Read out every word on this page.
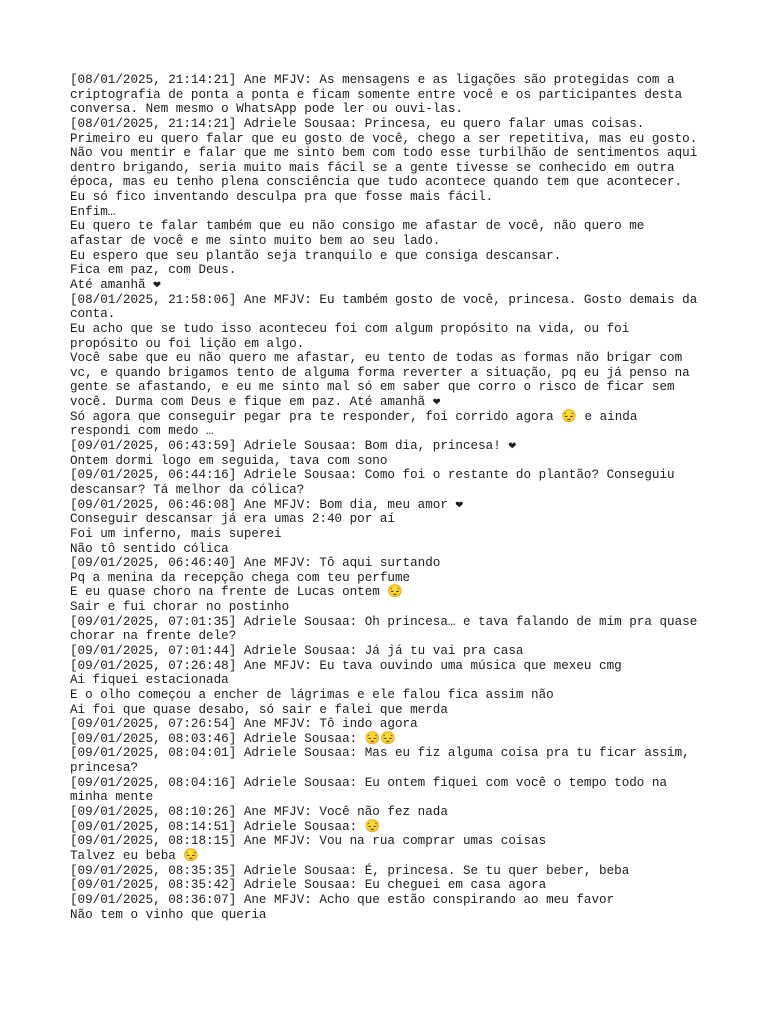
[08/01/2025, 21:14:21] Ane MFJV: As mensagens e as ligações são protegidas com a
criptografia de ponta a ponta e ficam somente entre você e os participantes desta
conversa. Nem mesmo o WhatsApp pode ler ou ouvi-las.
[08/01/2025, 21:14:21] Adriele Sousaa: Princesa, eu quero falar umas coisas.
Primeiro eu quero falar que eu gosto de você, chego a ser repetitiva, mas eu gosto.
Não vou mentir e falar que me sinto bem com todo esse turbilhão de sentimentos aqui
dentro brigando, seria muito mais fácil se a gente tivesse se conhecido em outra
época, mas eu tenho plena consciência que tudo acontece quando tem que acontecer.
Eu só fico inventando desculpa pra que fosse mais fácil.
Enfim…
Eu quero te falar também que eu não consigo me afastar de você, não quero me
afastar de você e me sinto muito bem ao seu lado.
Eu espero que seu plantão seja tranquilo e que consiga descansar.
Fica em paz, com Deus.
Até amanhã ❤
[08/01/2025, 21:58:06] Ane MFJV: Eu também gosto de você, princesa. Gosto demais da
conta.
Eu acho que se tudo isso aconteceu foi com algum propósito na vida, ou foi
propósito ou foi lição em algo.
Você sabe que eu não quero me afastar, eu tento de todas as formas não brigar com
vc, e quando brigamos tento de alguma forma reverter a situação, pq eu já penso na
gente se afastando, e eu me sinto mal só em saber que corro o risco de ficar sem
você. Durma com Deus e fique em paz. Até amanhã ❤
Só agora que conseguir pegar pra te responder, foi corrido agora 😔 e ainda
respondi com medo …
[09/01/2025, 06:43:59] Adriele Sousaa: Bom dia, princesa! ❤
Ontem dormi logo em seguida, tava com sono
[09/01/2025, 06:44:16] Adriele Sousaa: Como foi o restante do plantão? Conseguiu
descansar? Tá melhor da cólica?
[09/01/2025, 06:46:08] Ane MFJV: Bom dia, meu amor ❤
Conseguir descansar já era umas 2:40 por aí
Foi um inferno, mais superei
Não tô sentido cólica
[09/01/2025, 06:46:40] Ane MFJV: Tô aqui surtando
Pq a menina da recepção chega com teu perfume
E eu quase choro na frente de Lucas ontem 😔
Sair e fui chorar no postinho
[09/01/2025, 07:01:35] Adriele Sousaa: Oh princesa… e tava falando de mim pra quase
chorar na frente dele?
[09/01/2025, 07:01:44] Adriele Sousaa: Já já tu vai pra casa
[09/01/2025, 07:26:48] Ane MFJV: Eu tava ouvindo uma música que mexeu cmg
Ai fiquei estacionada
E o olho começou a encher de lágrimas e ele falou fica assim não
Ai foi que quase desabo, só sair e falei que merda
[09/01/2025, 07:26:54] Ane MFJV: Tô indo agora
[09/01/2025, 08:03:46] Adriele Sousaa: 😔😔
[09/01/2025, 08:04:01] Adriele Sousaa: Mas eu fiz alguma coisa pra tu ficar assim,
princesa?
[09/01/2025, 08:04:16] Adriele Sousaa: Eu ontem fiquei com você o tempo todo na
minha mente
[09/01/2025, 08:10:26] Ane MFJV: Você não fez nada
[09/01/2025, 08:14:51] Adriele Sousaa: 😔
[09/01/2025, 08:18:15] Ane MFJV: Vou na rua comprar umas coisas
Talvez eu beba 😔
[09/01/2025, 08:35:35] Adriele Sousaa: É, princesa. Se tu quer beber, beba
[09/01/2025, 08:35:42] Adriele Sousaa: Eu cheguei em casa agora
[09/01/2025, 08:36:07] Ane MFJV: Acho que estão conspirando ao meu favor
Não tem o vinho que queria
